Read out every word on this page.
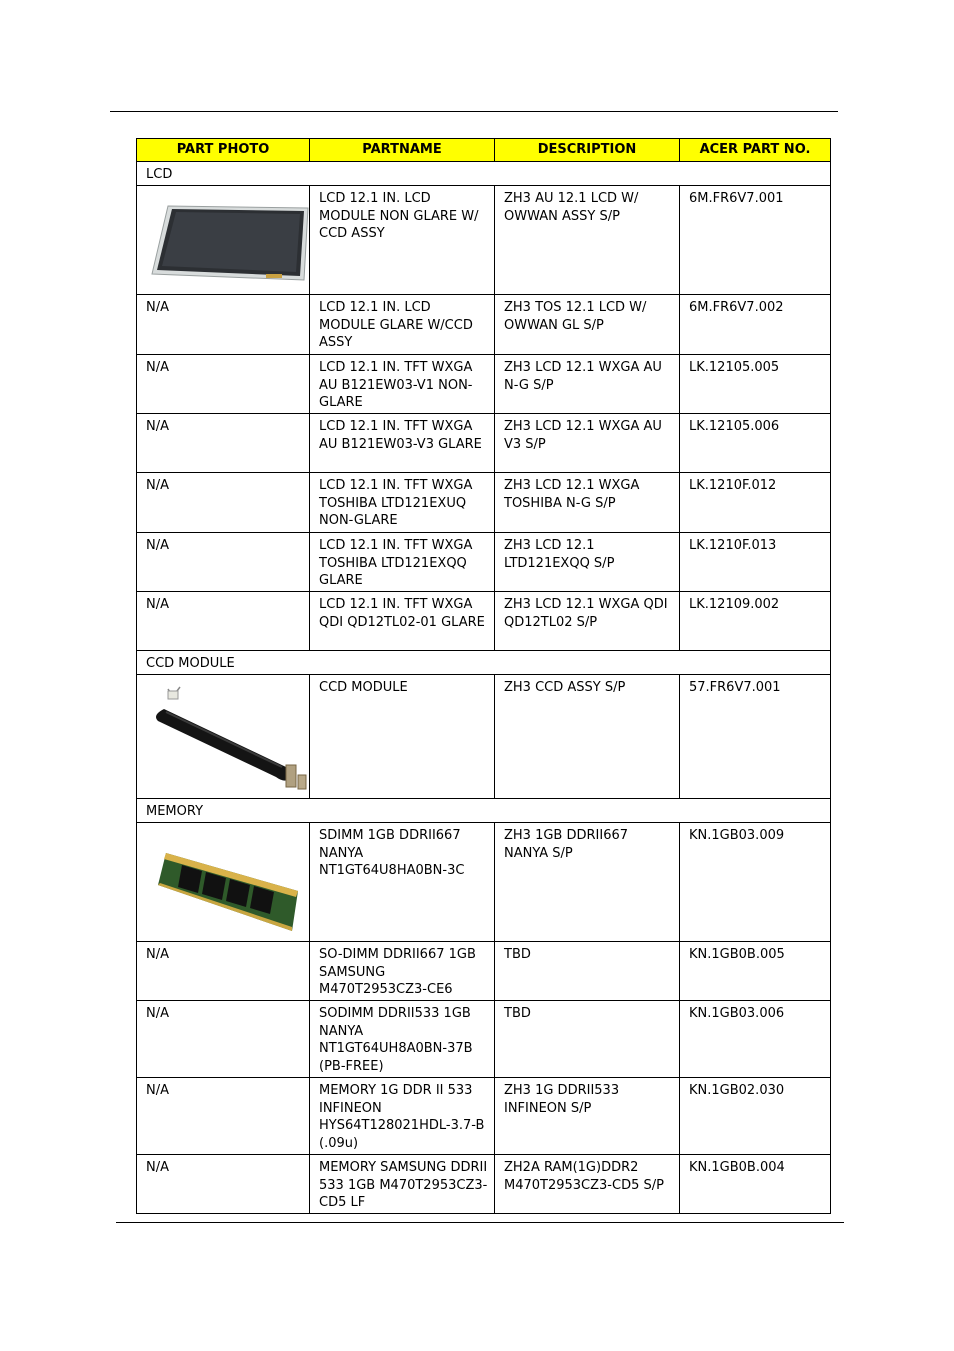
PART PHOTO	PARTNAME	DESCRIPTION	ACER PART NO.
LCD			

	LCD 12.1 IN. LCD MODULE NON GLARE W/ CCD ASSY	ZH3 AU 12.1 LCD W/ OWWAN ASSY S/P	6M.FR6V7.001
N/A	LCD 12.1 IN. LCD MODULE GLARE W/CCD ASSY	ZH3 TOS 12.1 LCD W/ OWWAN GL S/P	6M.FR6V7.002
N/A	LCD 12.1 IN. TFT WXGA AU B121EW03-V1 NON-GLARE	ZH3 LCD 12.1 WXGA AU N-G S/P	LK.12105.005
N/A	LCD 12.1 IN. TFT WXGA AU B121EW03-V3 GLARE	ZH3 LCD 12.1 WXGA AU V3 S/P	LK.12105.006
N/A	LCD 12.1 IN. TFT WXGA TOSHIBA LTD121EXUQ NON-GLARE	ZH3 LCD 12.1 WXGA TOSHIBA N-G S/P	LK.1210F.012
N/A	LCD 12.1 IN. TFT WXGA TOSHIBA LTD121EXQQ GLARE	ZH3 LCD 12.1 LTD121EXQQ S/P	LK.1210F.013
N/A	LCD 12.1 IN. TFT WXGA QDI QD12TL02-01 GLARE	ZH3 LCD 12.1 WXGA QDI QD12TL02 S/P	LK.12109.002
CCD MODULE			

	CCD MODULE	ZH3 CCD ASSY S/P	57.FR6V7.001
MEMORY			

	SDIMM 1GB DDRII667 NANYA NT1GT64U8HA0BN-3C	ZH3 1GB DDRII667 NANYA S/P	KN.1GB03.009
N/A	SO-DIMM DDRII667 1GB SAMSUNG M470T2953CZ3-CE6	TBD	KN.1GB0B.005
N/A	SODIMM DDRII533 1GB NANYA NT1GT64UH8A0BN-37B (PB-FREE)	TBD	KN.1GB03.006
N/A	MEMORY 1G DDR II 533 INFINEON HYS64T128021HDL-3.7-B (.09u)	ZH3 1G DDRII533 INFINEON S/P	KN.1GB02.030
N/A	MEMORY SAMSUNG DDRII 533 1GB M470T2953CZ3-CD5 LF	ZH2A RAM(1G)DDR2 M470T2953CZ3-CD5 S/P	KN.1GB0B.004
